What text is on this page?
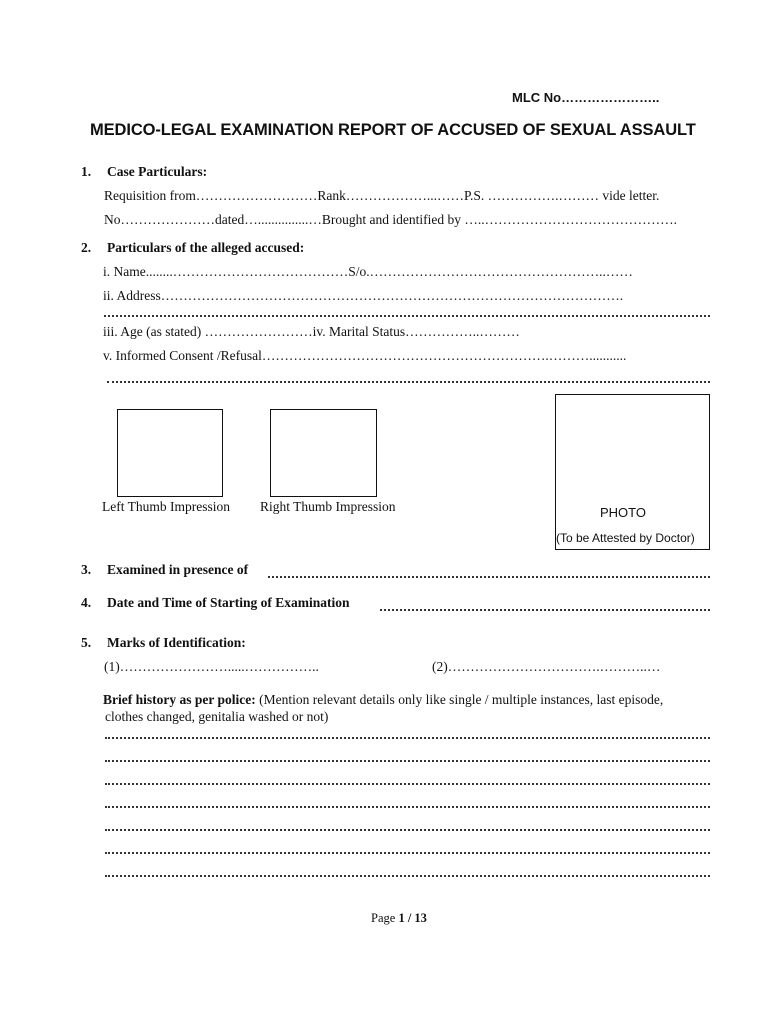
MLC No…………………..
MEDICO-LEGAL EXAMINATION REPORT OF ACCUSED OF SEXUAL ASSAULT
1. Case Particulars:
Requisition from………………………Rank………………...……P.S. …………….……… vide letter.
No…………………dated…...............…Brought and identified by …..…………………………………….
2. Particulars of the alleged accused:
i. Name........…………………………………S/o.……………………………………………..……
ii. Address………………………………………………………………………………………….
iii. Age (as stated) ……………………iv. Marital Status……………..………
v. Informed Consent /Refusal……………………………………………………….………...........
Left Thumb Impression Right Thumb Impression	PHOTO
(To be Attested by Doctor)
3. Examined in presence of
4. Date and Time of Starting of Examination
5. Marks of Identification:
(1)…………………….....……………..	(2)…………………………….………..…
Brief history as per police: (Mention relevant details only like single / multiple instances, last episode,
clothes changed, genitalia washed or not)
Page 1 / 13
